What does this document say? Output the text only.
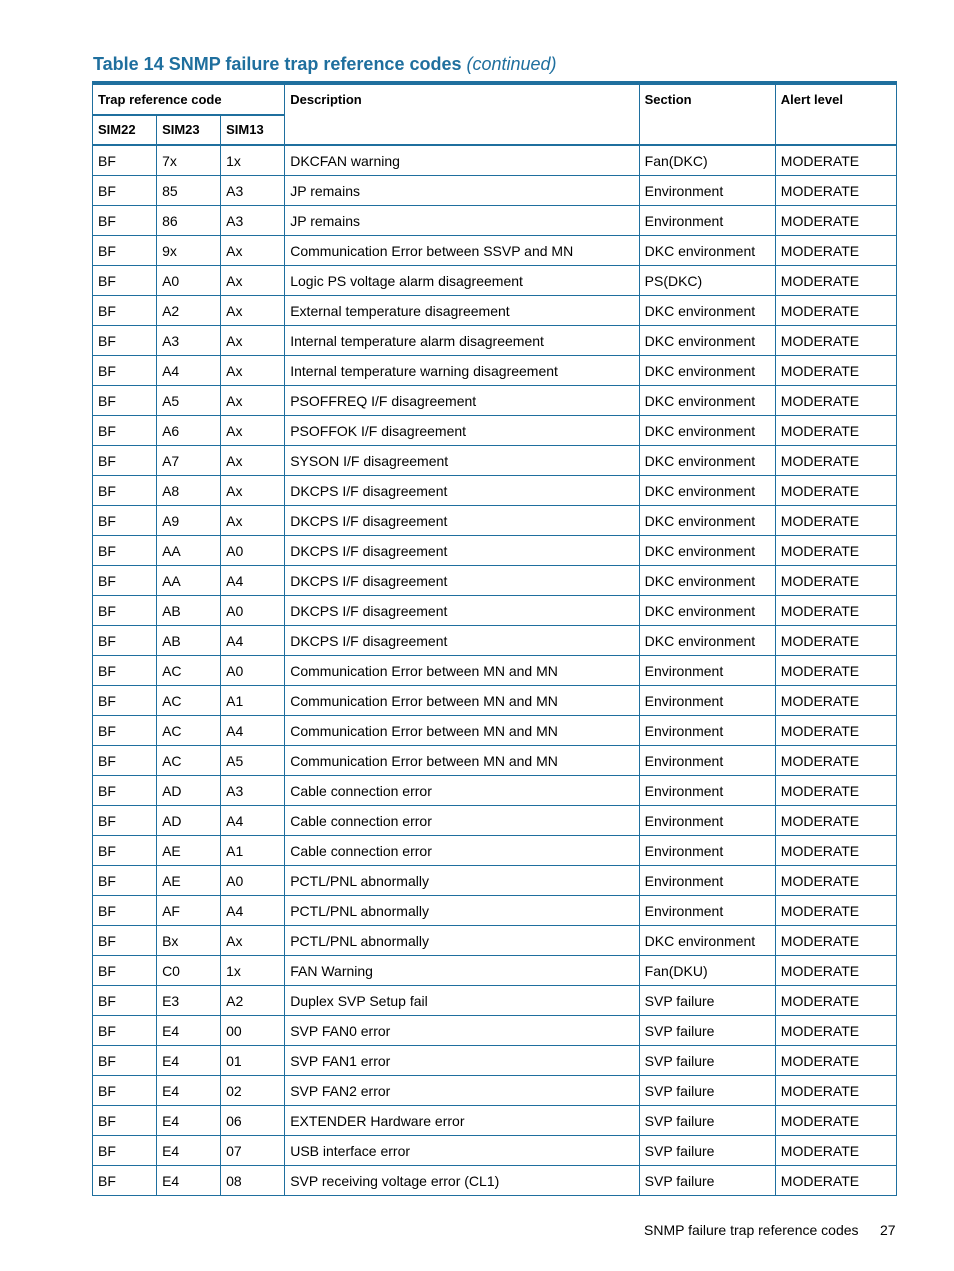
Table 14 SNMP failure trap reference codes (continued)
Trap reference code			Description	Section	Alert level
SIM22	SIM23	SIM13			
BF	7x	1x	DKCFAN warning	Fan(DKC)	MODERATE
BF	85	A3	JP remains	Environment	MODERATE
BF	86	A3	JP remains	Environment	MODERATE
BF	9x	Ax	Communication Error between SSVP and MN	DKC environment	MODERATE
BF	A0	Ax	Logic PS voltage alarm disagreement	PS(DKC)	MODERATE
BF	A2	Ax	External temperature disagreement	DKC environment	MODERATE
BF	A3	Ax	Internal temperature alarm disagreement	DKC environment	MODERATE
BF	A4	Ax	Internal temperature warning disagreement	DKC environment	MODERATE
BF	A5	Ax	PSOFFREQ I/F disagreement	DKC environment	MODERATE
BF	A6	Ax	PSOFFOK I/F disagreement	DKC environment	MODERATE
BF	A7	Ax	SYSON I/F disagreement	DKC environment	MODERATE
BF	A8	Ax	DKCPS I/F disagreement	DKC environment	MODERATE
BF	A9	Ax	DKCPS I/F disagreement	DKC environment	MODERATE
BF	AA	A0	DKCPS I/F disagreement	DKC environment	MODERATE
BF	AA	A4	DKCPS I/F disagreement	DKC environment	MODERATE
BF	AB	A0	DKCPS I/F disagreement	DKC environment	MODERATE
BF	AB	A4	DKCPS I/F disagreement	DKC environment	MODERATE
BF	AC	A0	Communication Error between MN and MN	Environment	MODERATE
BF	AC	A1	Communication Error between MN and MN	Environment	MODERATE
BF	AC	A4	Communication Error between MN and MN	Environment	MODERATE
BF	AC	A5	Communication Error between MN and MN	Environment	MODERATE
BF	AD	A3	Cable connection error	Environment	MODERATE
BF	AD	A4	Cable connection error	Environment	MODERATE
BF	AE	A1	Cable connection error	Environment	MODERATE
BF	AE	A0	PCTL/PNL abnormally	Environment	MODERATE
BF	AF	A4	PCTL/PNL abnormally	Environment	MODERATE
BF	Bx	Ax	PCTL/PNL abnormally	DKC environment	MODERATE
BF	C0	1x	FAN Warning	Fan(DKU)	MODERATE
BF	E3	A2	Duplex SVP Setup fail	SVP failure	MODERATE
BF	E4	00	SVP FAN0 error	SVP failure	MODERATE
BF	E4	01	SVP FAN1 error	SVP failure	MODERATE
BF	E4	02	SVP FAN2 error	SVP failure	MODERATE
BF	E4	06	EXTENDER Hardware error	SVP failure	MODERATE
BF	E4	07	USB interface error	SVP failure	MODERATE
BF	E4	08	SVP receiving voltage error (CL1)	SVP failure	MODERATE
SNMP failure trap reference codes 27
